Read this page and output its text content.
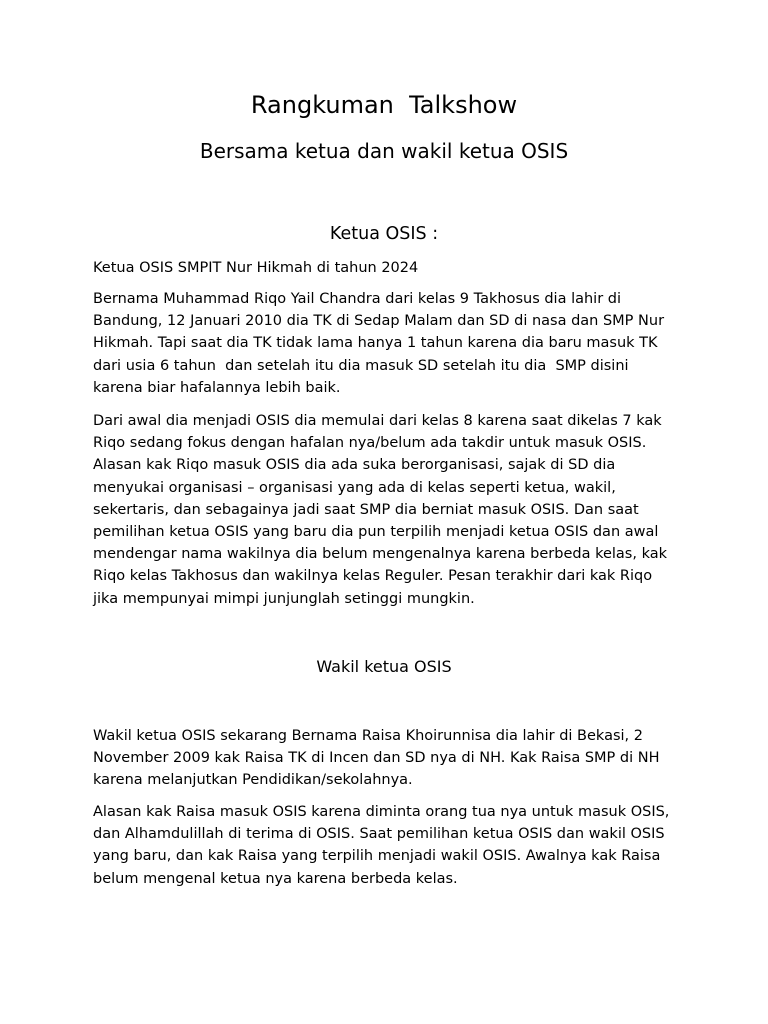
Rangkuman  Talkshow
Bersama ketua dan wakil ketua OSIS
Ketua OSIS :

Ketua OSIS SMPIT Nur Hikmah di tahun 2024

Bernama Muhammad Riqo Yail Chandra dari kelas 9 Takhosus dia lahir di
Bandung, 12 Januari 2010 dia TK di Sedap Malam dan SD di nasa dan SMP Nur
Hikmah. Tapi saat dia TK tidak lama hanya 1 tahun karena dia baru masuk TK
dari usia 6 tahun  dan setelah itu dia masuk SD setelah itu dia  SMP disini
karena biar hafalannya lebih baik.

Dari awal dia menjadi OSIS dia memulai dari kelas 8 karena saat dikelas 7 kak
Riqo sedang fokus dengan hafalan nya/belum ada takdir untuk masuk OSIS.
Alasan kak Riqo masuk OSIS dia ada suka berorganisasi, sajak di SD dia
menyukai organisasi – organisasi yang ada di kelas seperti ketua, wakil,
sekertaris, dan sebagainya jadi saat SMP dia berniat masuk OSIS. Dan saat
pemilihan ketua OSIS yang baru dia pun terpilih menjadi ketua OSIS dan awal
mendengar nama wakilnya dia belum mengenalnya karena berbeda kelas, kak
Riqo kelas Takhosus dan wakilnya kelas Reguler. Pesan terakhir dari kak Riqo
jika mempunyai mimpi junjunglah setinggi mungkin.

Wakil ketua OSIS

Wakil ketua OSIS sekarang Bernama Raisa Khoirunnisa dia lahir di Bekasi, 2
November 2009 kak Raisa TK di Incen dan SD nya di NH. Kak Raisa SMP di NH
karena melanjutkan Pendidikan/sekolahnya.

Alasan kak Raisa masuk OSIS karena diminta orang tua nya untuk masuk OSIS,
dan Alhamdulillah di terima di OSIS. Saat pemilihan ketua OSIS dan wakil OSIS
yang baru, dan kak Raisa yang terpilih menjadi wakil OSIS. Awalnya kak Raisa
belum mengenal ketua nya karena berbeda kelas.
